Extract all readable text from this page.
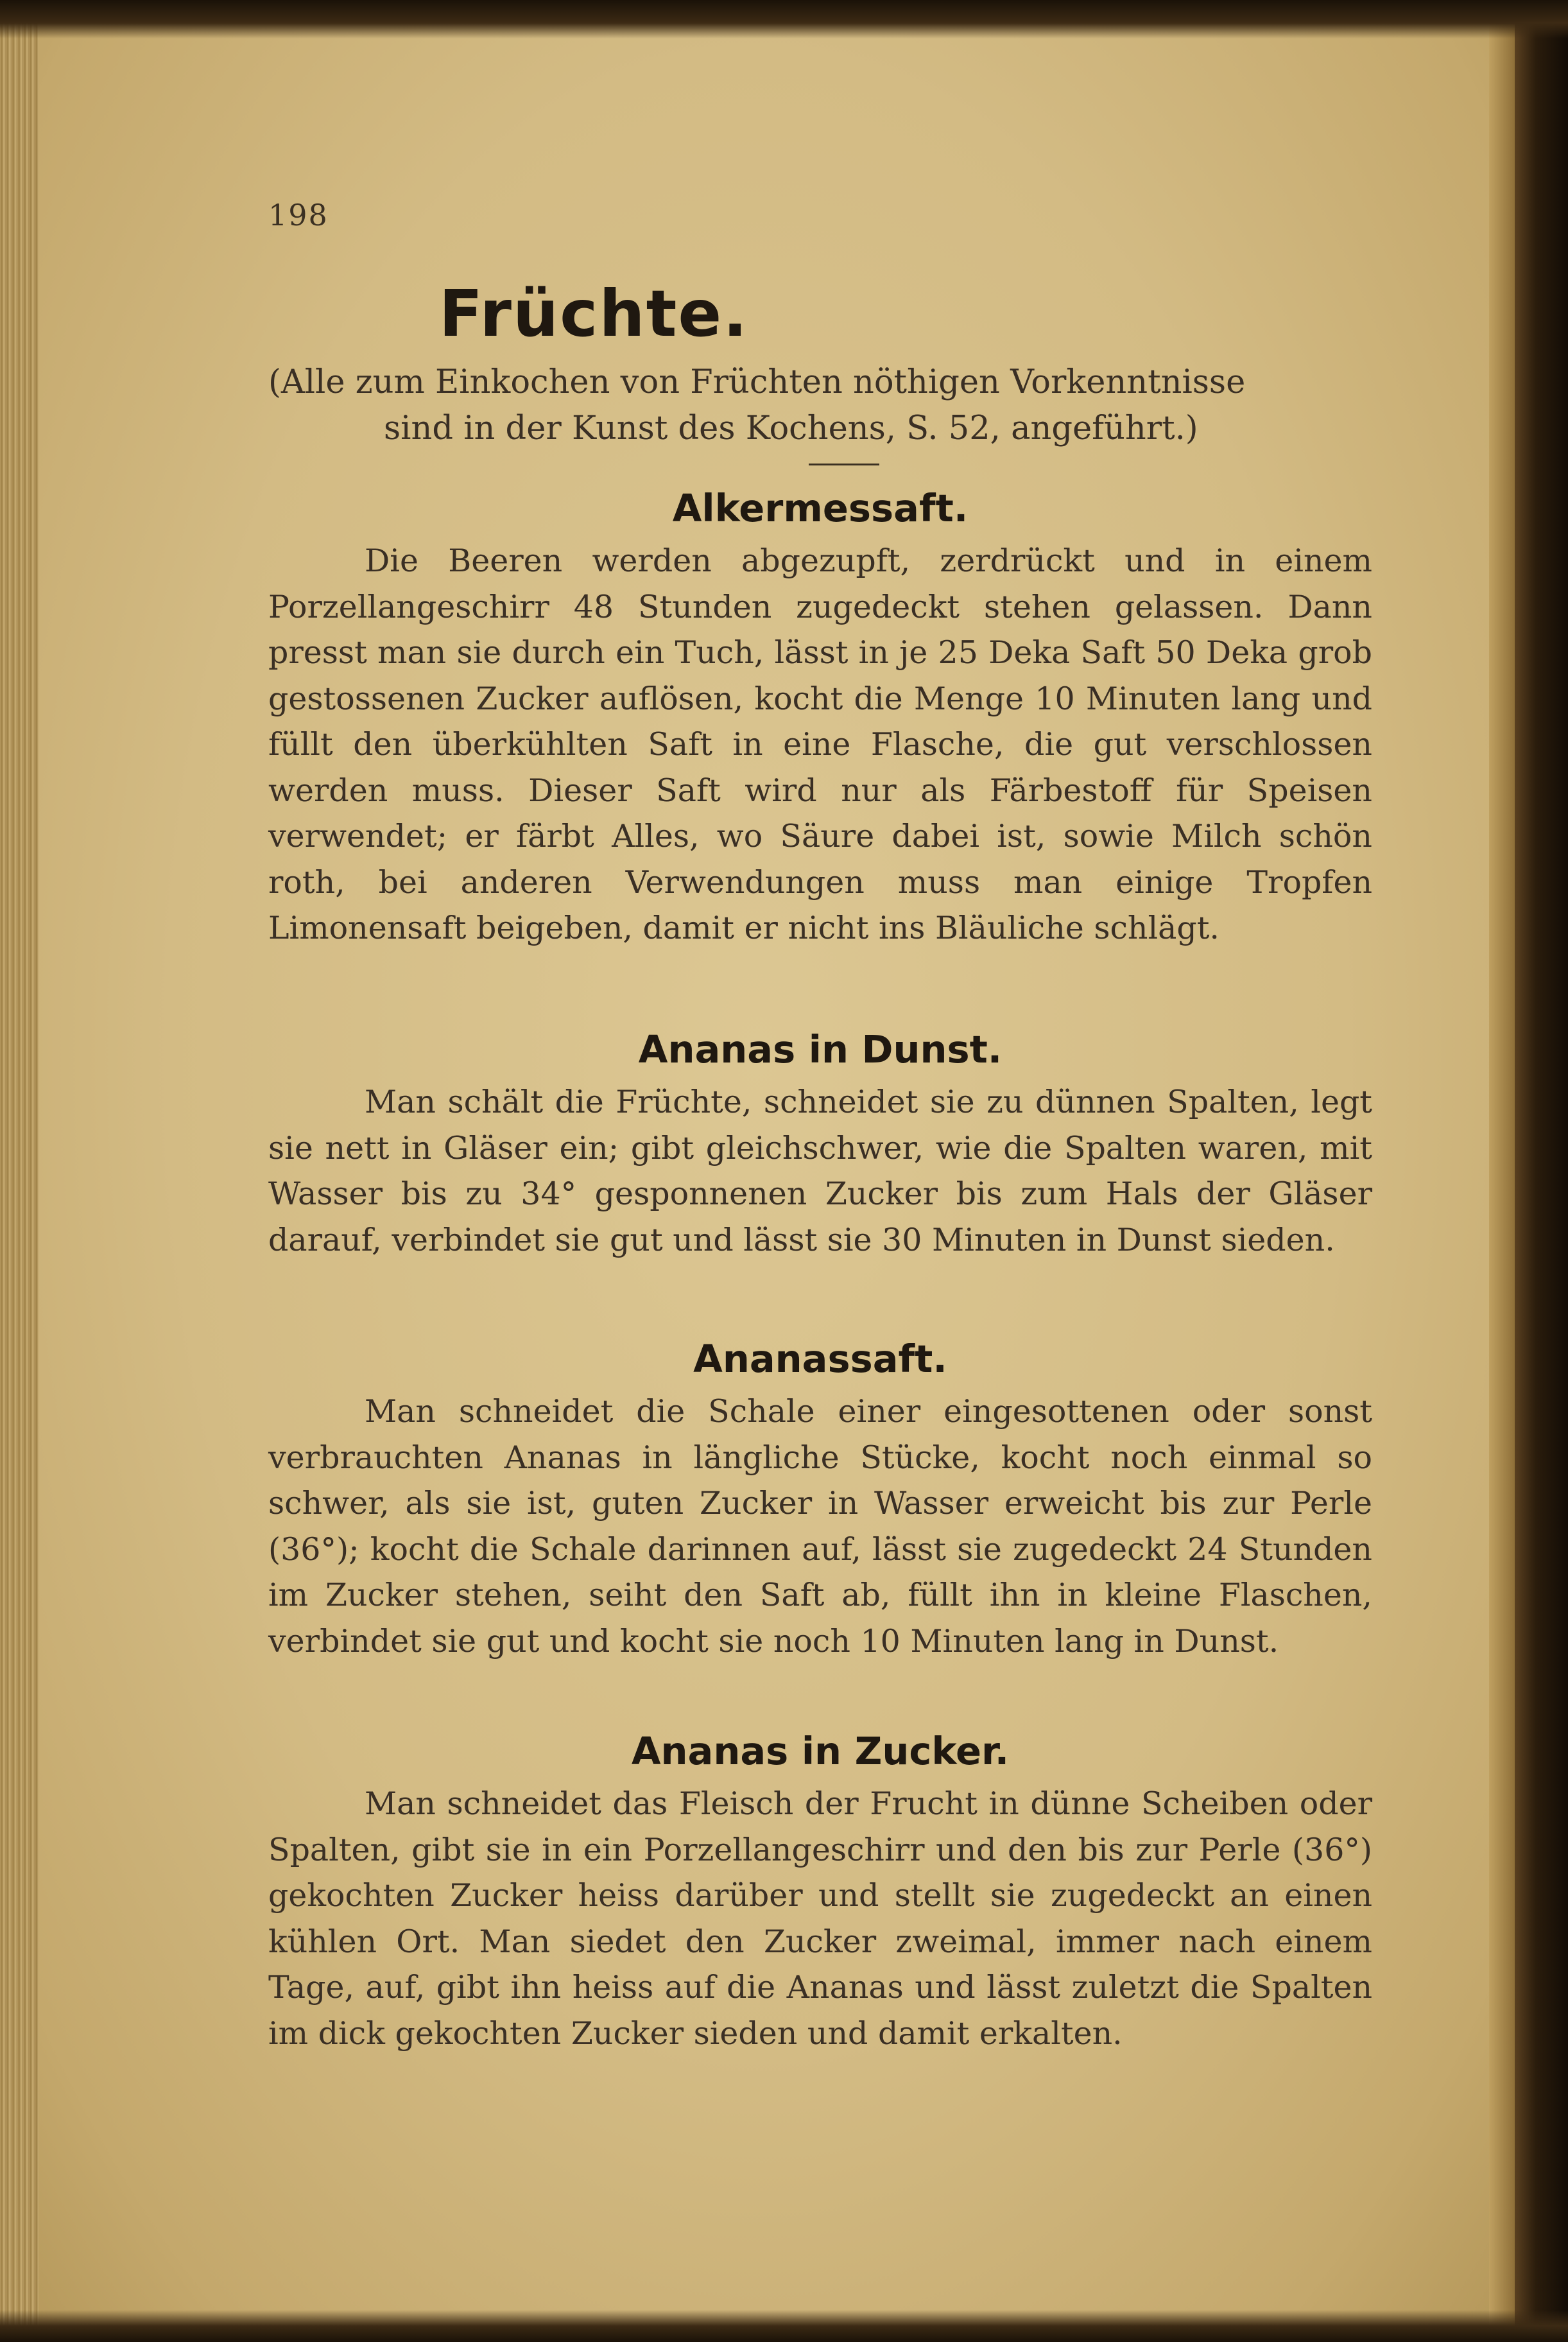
198
Früchte.
(Alle zum Einkochen von Früchten nöthigen Vorkenntnisse
sind in der Kunst des Kochens, S. 52, angeführt.)
Alkermessaft.

Die Beeren werden abgezupft, zerdrückt und in einem Porzellangeschirr 48 Stunden zugedeckt stehen gelassen. Dann presst man sie durch ein Tuch, lässt in je 25 Deka Saft 50 Deka grob gestossenen Zucker auflösen, kocht die Menge 10 Minuten lang und füllt den überkühlten Saft in eine Flasche, die gut verschlossen werden muss. Dieser Saft wird nur als Färbestoff für Speisen verwendet; er färbt Alles, wo Säure dabei ist, sowie Milch schön roth, bei anderen Verwendungen muss man einige Tropfen Limonensaft beigeben, damit er nicht ins Bläuliche schlägt.

Ananas in Dunst.

Man schält die Früchte, schneidet sie zu dünnen Spalten, legt sie nett in Gläser ein; gibt gleichschwer, wie die Spalten waren, mit Wasser bis zu 34° gesponnenen Zucker bis zum Hals der Gläser darauf, verbindet sie gut und lässt sie 30 Minuten in Dunst sieden.

Ananassaft.

Man schneidet die Schale einer eingesottenen oder sonst verbrauchten Ananas in längliche Stücke, kocht noch einmal so schwer, als sie ist, guten Zucker in Wasser erweicht bis zur Perle (36°); kocht die Schale darinnen auf, lässt sie zugedeckt 24 Stunden im Zucker stehen, seiht den Saft ab, füllt ihn in kleine Flaschen, verbindet sie gut und kocht sie noch 10 Minuten lang in Dunst.

Ananas in Zucker.

Man schneidet das Fleisch der Frucht in dünne Scheiben oder Spalten, gibt sie in ein Porzellangeschirr und den bis zur Perle (36°) gekochten Zucker heiss darüber und stellt sie zugedeckt an einen kühlen Ort. Man siedet den Zucker zweimal, immer nach einem Tage, auf, gibt ihn heiss auf die Ananas und lässt zuletzt die Spalten im dick gekochten Zucker sieden und damit erkalten.
